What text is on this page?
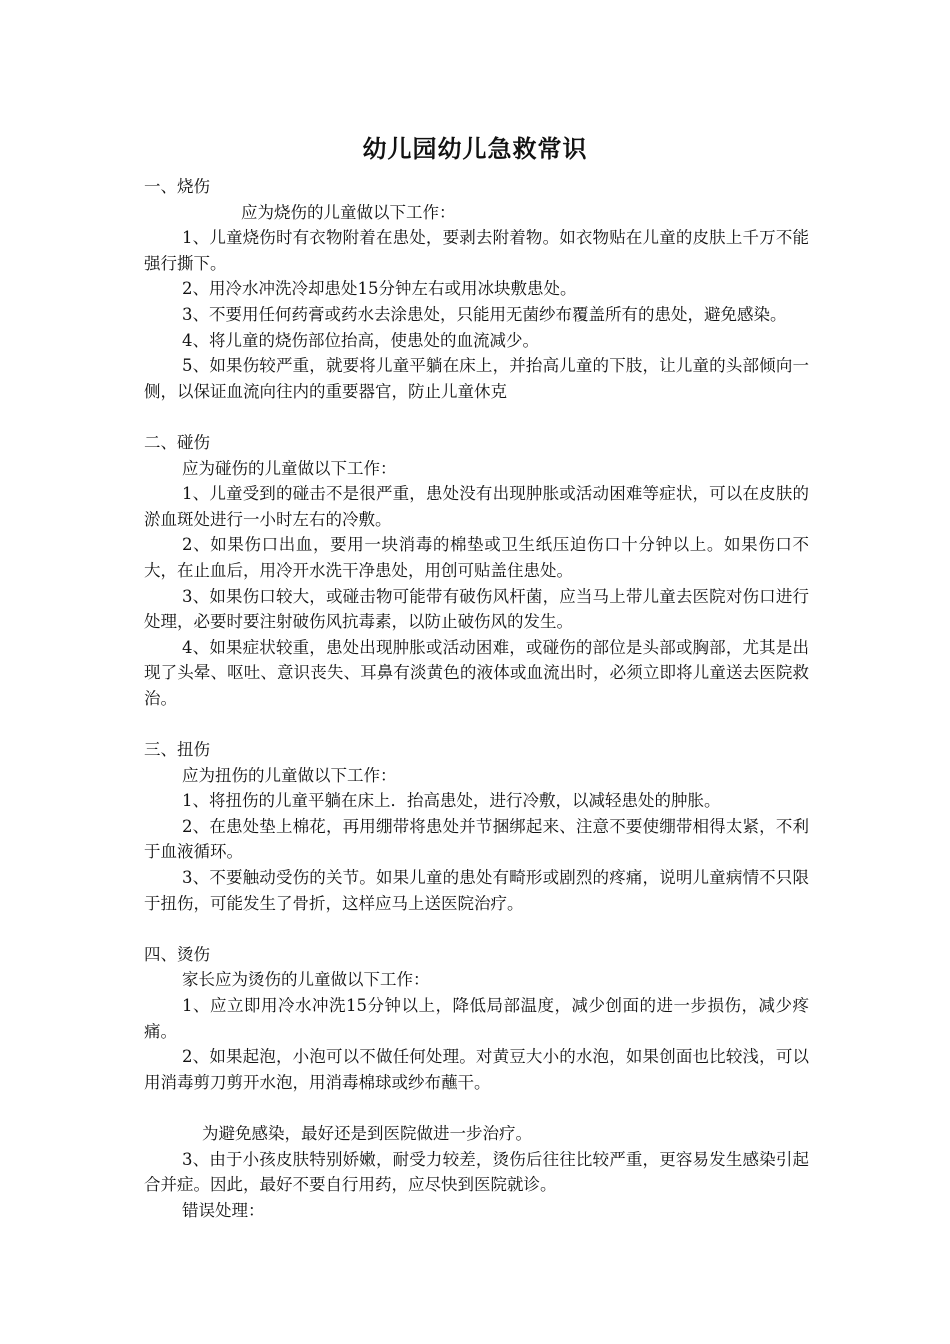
幼儿园幼儿急救常识

一、烧伤

应为烧伤的儿童做以下工作：

1、儿童烧伤时有衣物附着在患处，要剥去附着物。如衣物贴在儿童的皮肤上千万不能强行撕下。

2、用冷水冲洗冷却患处15分钟左右或用冰块敷患处。

3、不要用任何药膏或药水去涂患处，只能用无菌纱布覆盖所有的患处，避免感染。

4、将儿童的烧伤部位抬高，使患处的血流减少。

5、如果伤较严重，就要将儿童平躺在床上，并抬高儿童的下肢，让儿童的头部倾向一侧，以保证血流向往内的重要器官，防止儿童休克

二、碰伤

应为碰伤的儿童做以下工作：

1、儿童受到的碰击不是很严重，患处没有出现肿胀或活动困难等症状，可以在皮肤的淤血斑处进行一小时左右的冷敷。

2、如果伤口出血，要用一块消毒的棉垫或卫生纸压迫伤口十分钟以上。如果伤口不大，在止血后，用冷开水洗干净患处，用创可贴盖住患处。

3、如果伤口较大，或碰击物可能带有破伤风杆菌，应当马上带儿童去医院对伤口进行处理，必要时要注射破伤风抗毒素，以防止破伤风的发生。

4、如果症状较重，患处出现肿胀或活动困难，或碰伤的部位是头部或胸部，尤其是出现了头晕、呕吐、意识丧失、耳鼻有淡黄色的液体或血流出时，必须立即将儿童送去医院救治。

三、扭伤

应为扭伤的儿童做以下工作：

1、将扭伤的儿童平躺在床上．抬高患处，进行冷敷，以减轻患处的肿胀。

2、在患处垫上棉花，再用绷带将患处并节捆绑起来、注意不要使绷带相得太紧，不利于血液循环。

3、不要触动受伤的关节。如果儿童的患处有畸形或剧烈的疼痛，说明儿童病情不只限于扭伤，可能发生了骨折，这样应马上送医院治疗。

四、烫伤

家长应为烫伤的儿童做以下工作：

1、应立即用冷水冲洗15分钟以上，降低局部温度，减少创面的进一步损伤，减少疼痛。

2、如果起泡，小泡可以不做任何处理。对黄豆大小的水泡，如果创面也比较浅，可以用消毒剪刀剪开水泡，用消毒棉球或纱布蘸干。

为避免感染，最好还是到医院做进一步治疗。

3、由于小孩皮肤特别娇嫩，耐受力较差，烫伤后往往比较严重，更容易发生感染引起合并症。因此，最好不要自行用药，应尽快到医院就诊。

错误处理：
